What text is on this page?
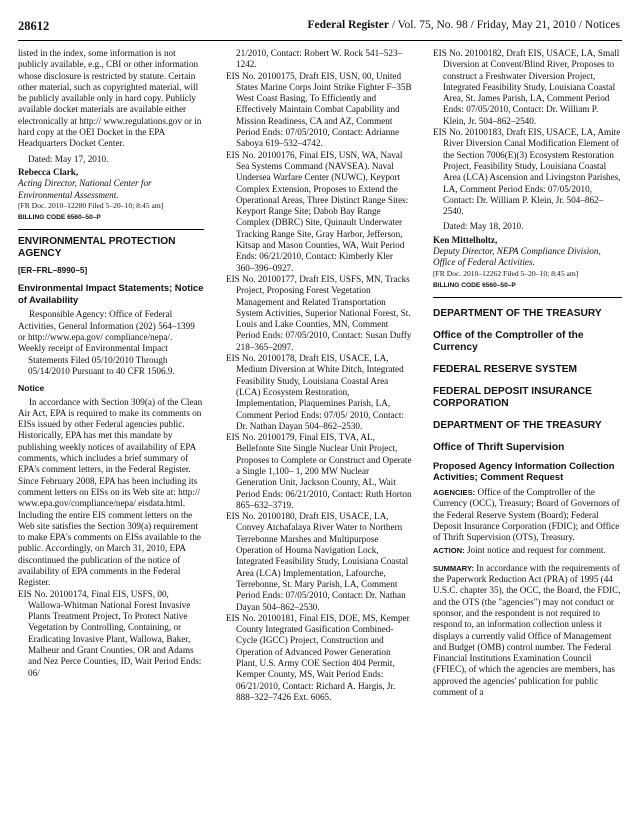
28612	Federal Register / Vol. 75, No. 98 / Friday, May 21, 2010 / Notices

listed in the index, some information is not publicly available, e.g., CBI or other information whose disclosure is restricted by statute. Certain other material, such as copyrighted material, will be publicly available only in hard copy. Publicly available docket materials are available either electronically at http:// www.regulations.gov or in hard copy at the OEI Docket in the EPA Headquarters Docket Center.

Dated: May 17, 2010.

Rebecca Clark,

Acting Director, National Center for Environmental Assessment.

[FR Doc. 2010–12280 Filed 5–20–10; 8:45 am]

BILLING CODE 6560–50–P

ENVIRONMENTAL PROTECTION AGENCY

[ER–FRL–8990–5]

Environmental Impact Statements; Notice of Availability

Responsible Agency: Office of Federal Activities, General Information (202) 564–1399 or http://www.epa.gov/ compliance/nepa/.

Weekly receipt of Environmental Impact Statements Filed 05/10/2010 Through 05/14/2010 Pursuant to 40 CFR 1506.9.

Notice

In accordance with Section 309(a) of the Clean Air Act, EPA is required to make its comments on EISs issued by other Federal agencies public. Historically, EPA has met this mandate by publishing weekly notices of availability of EPA comments, which includes a brief summary of EPA's comment letters, in the Federal Register. Since February 2008, EPA has been including its comment letters on EISs on its Web site at: http:// www.epa.gov/compliance/nepa/ eisdata.html. Including the entire EIS comment letters on the Web site satisfies the Section 309(a) requirement to make EPA's comments on EISs available to the public. Accordingly, on March 31, 2010, EPA discontinued the publication of the notice of availability of EPA comments in the Federal Register.

EIS No. 20100174, Final EIS, USFS, 00, Wallowa-Whitman National Forest Invasive Plants Treatment Project, To Protect Native Vegetation by Controlling, Containing, or Eradicating Invasive Plant, Wallowa, Baker, Malheur and Grant Counties, OR and Adams and Nez Perce Counties, ID, Wait Period Ends: 06/

21/2010, Contact: Robert W. Rock 541–523–1242.

EIS No. 20100175, Draft EIS, USN, 00, United States Marine Corps Joint Strike Fighter F–35B West Coast Basing, To Efficiently and Effectively Maintain Combat Capability and Mission Readiness, CA and AZ, Comment Period Ends: 07/05/2010, Contact: Adrianne Saboya 619–532–4742.

EIS No. 20100176, Final EIS, USN, WA, Naval Sea Systems Command (NAVSEA). Naval Undersea Warfare Center (NUWC), Keyport Complex Extension, Proposes to Extend the Operational Areas, Three Distinct Range Sites: Keyport Range Site; Dabob Bay Range Complex (DBRC) Site, Quinault Underwater Tracking Range Site, Gray Harbor, Jefferson, Kitsap and Mason Counties, WA, Wait Period Ends: 06/21/2010, Contact: Kimberly Kler 360–396–0927.

EIS No. 20100177, Draft EIS, USFS, MN, Tracks Project, Proposing Forest Vegetation Management and Related Transportation System Activities, Superior National Forest, St. Louis and Lake Counties, MN, Comment Period Ends: 07/05/2010, Contact: Susan Duffy 218–365–2097.

EIS No. 20100178, Draft EIS, USACE, LA, Medium Diversion at White Ditch, Integrated Feasibility Study, Louisiana Coastal Area (LCA) Ecosystem Restoration, Implementation, Plaquemines Parish, LA, Comment Period Ends: 07/05/ 2010, Contact: Dr. Nathan Dayan 504–862–2530.

EIS No. 20100179, Final EIS, TVA, AL, Bellefonte Site Single Nuclear Unit Project, Proposes to Complete or Construct and Operate a Single 1,100– 1, 200 MW Nuclear Generation Unit, Jackson County, AL, Wait Period Ends: 06/21/2010, Contact: Ruth Horton 865–632–3719.

EIS No. 20100180, Draft EIS, USACE, LA, Convey Atchafalaya River Water to Northern Terrebonne Marshes and Multipurpose Operation of Houma Navigation Lock, Integrated Feasibility Study, Louisiana Coastal Area (LCA) Implementation, Lafourche, Terrebonne, St. Mary Parish, LA, Comment Period Ends: 07/05/2010, Contact: Dr. Nathan Dayan 504–862–2530.

EIS No. 20100181, Final EIS, DOE, MS, Kemper County Integrated Gasification Combined-Cycle (IGCC) Project, Construction and Operation of Advanced Power Generation Plant, U.S. Army COE Section 404 Permit, Kemper County, MS, Wait Period Ends: 06/21/2010, Contact: Richard A. Hargis, Jr. 888–322–7426 Ext. 6065.

EIS No. 20100182, Draft EIS, USACE, LA, Small Diversion at Convent/Blind River, Proposes to construct a Freshwater Diversion Project, Integrated Feasibility Study, Louisiana Coastal Area, St. James Parish, LA, Comment Period Ends: 07/05/2010, Contact: Dr. William P. Klein, Jr. 504–862–2540.

EIS No. 20100183, Draft EIS, USACE, LA, Amite River Diversion Canal Modification Element of the Section 7006(E)(3) Ecosystem Restoration Project, Feasibility Study, Louisiana Coastal Area (LCA) Ascension and Livingston Parishes, LA, Comment Period Ends: 07/05/2010, Contact: Dr. William P. Klein, Jr. 504–862–2540.

Dated: May 18, 2010.

Ken Mittelholtz,

Deputy Director, NEPA Compliance Division, Office of Federal Activities.

[FR Doc. 2010–12262 Filed 5–20–10; 8:45 am]

BILLING CODE 6560–50–P

DEPARTMENT OF THE TREASURY

Office of the Comptroller of the Currency

FEDERAL RESERVE SYSTEM

FEDERAL DEPOSIT INSURANCE CORPORATION

DEPARTMENT OF THE TREASURY

Office of Thrift Supervision

Proposed Agency Information Collection Activities; Comment Request

AGENCIES: Office of the Comptroller of the Currency (OCC), Treasury; Board of Governors of the Federal Reserve System (Board); Federal Deposit Insurance Corporation (FDIC); and Office of Thrift Supervision (OTS), Treasury.

ACTION: Joint notice and request for comment.

SUMMARY: In accordance with the requirements of the Paperwork Reduction Act (PRA) of 1995 (44 U.S.C. chapter 35), the OCC, the Board, the FDIC, and the OTS (the "agencies") may not conduct or sponsor, and the respondent is not required to respond to, an information collection unless it displays a currently valid Office of Management and Budget (OMB) control number. The Federal Financial Institutions Examination Council (FFIEC), of which the agencies are members, has approved the agencies' publication for public comment of a
